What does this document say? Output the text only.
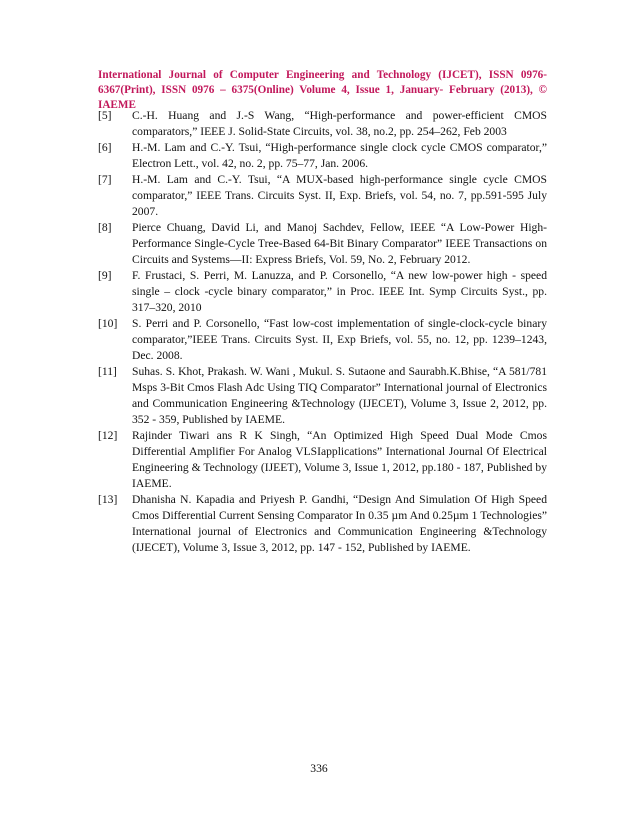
International Journal of Computer Engineering and Technology (IJCET), ISSN 0976-6367(Print), ISSN 0976 – 6375(Online) Volume 4, Issue 1, January- February (2013), © IAEME
[5]	C.-H. Huang and J.-S Wang, “High-performance and power-efficient CMOS comparators,” IEEE J. Solid-State Circuits, vol. 38, no.2, pp. 254–262, Feb 2003
[6]	H.-M. Lam and C.-Y. Tsui, “High-performance single clock cycle CMOS comparator,” Electron Lett., vol. 42, no. 2, pp. 75–77, Jan. 2006.
[7]	H.-M. Lam and C.-Y. Tsui, “A MUX-based high-performance single cycle CMOS comparator,” IEEE Trans. Circuits Syst. II, Exp. Briefs, vol. 54, no. 7, pp.591-595 July 2007.
[8]	Pierce Chuang, David Li, and Manoj Sachdev, Fellow, IEEE “A Low-Power High-Performance Single-Cycle Tree-Based 64-Bit Binary Comparator” IEEE Transactions on Circuits and Systems—II: Express Briefs, Vol. 59, No. 2, February 2012.
[9]	F. Frustaci, S. Perri, M. Lanuzza, and P. Corsonello, “A new low-power high - speed single – clock -cycle binary comparator,” in Proc. IEEE Int. Symp Circuits Syst., pp. 317–320, 2010
[10]	S. Perri and P. Corsonello, “Fast low-cost implementation of single-clock-cycle binary comparator,”IEEE Trans. Circuits Syst. II, Exp Briefs, vol. 55, no. 12, pp. 1239–1243, Dec. 2008.
[11]	Suhas. S. Khot, Prakash. W. Wani , Mukul. S. Sutaone and Saurabh.K.Bhise, “A 581/781 Msps 3-Bit Cmos Flash Adc Using TIQ Comparator” International journal of Electronics and Communication Engineering &Technology (IJECET), Volume 3, Issue 2, 2012, pp. 352 - 359, Published by IAEME.
[12]	Rajinder Tiwari ans R K Singh, “An Optimized High Speed Dual Mode Cmos Differential Amplifier For Analog VLSIapplications” International Journal Of Electrical Engineering & Technology (IJEET), Volume 3, Issue 1, 2012, pp.180 - 187, Published by IAEME.
[13]	Dhanisha N. Kapadia and Priyesh P. Gandhi, “Design And Simulation Of High Speed Cmos Differential Current Sensing Comparator In 0.35 µm And 0.25µm 1 Technologies” International journal of Electronics and Communication Engineering &Technology (IJECET), Volume 3, Issue 3, 2012, pp. 147 - 152, Published by IAEME.
336
